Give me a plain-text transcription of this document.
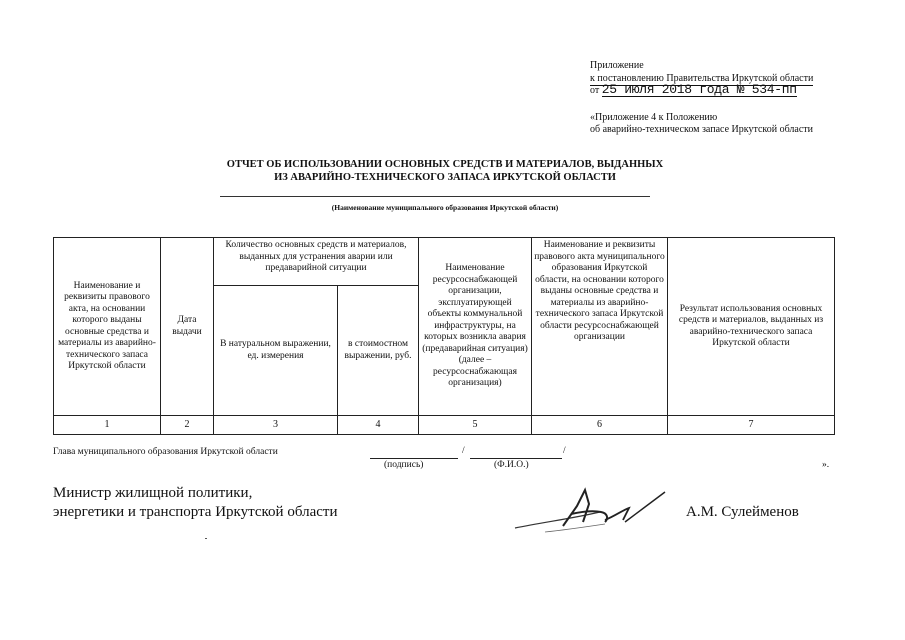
Приложение
к постановлению Правительства Иркутской области
от 25 июля 2018 года № 534-пп
«Приложение 4 к Положению
об аварийно-техническом запасе Иркутской области
ОТЧЕТ ОБ ИСПОЛЬЗОВАНИИ ОСНОВНЫХ СРЕДСТВ И МАТЕРИАЛОВ, ВЫДАННЫХ
ИЗ АВАРИЙНО-ТЕХНИЧЕСКОГО ЗАПАСА ИРКУТСКОЙ ОБЛАСТИ
(Наименование муниципального образования Иркутской области)
Наименование и реквизиты правового акта, на основании которого выданы основные средства и материалы из аварийно-технического запаса Иркутской области	Дата выдачи	Количество основных средств и материалов, выданных для устранения аварии или предаварийной ситуации		Наименование ресурсоснабжающей организации, эксплуатирующей объекты коммунальной инфраструктуры, на которых возникла авария (предаварийная ситуация) (далее – ресурсоснабжающая организация)	Наименование и реквизиты правового акта муниципального образования Иркутской области, на основании которого выданы основные средства и материалы из аварийно-технического запаса Иркутской области ресурсоснабжающей организации	Результат использования основных средств и материалов, выданных из аварийно-технического запаса Иркутской области
		В натуральном выражении, ед. измерения	в стоимостном выражении, руб.			
1	2	3	4	5	6	7
Глава муниципального образования Иркутской области	/	/
(подпись)	(Ф.И.О.)	».
Министр жилищной политики,
энергетики и транспорта Иркутской области	А.М. Сулейменов
